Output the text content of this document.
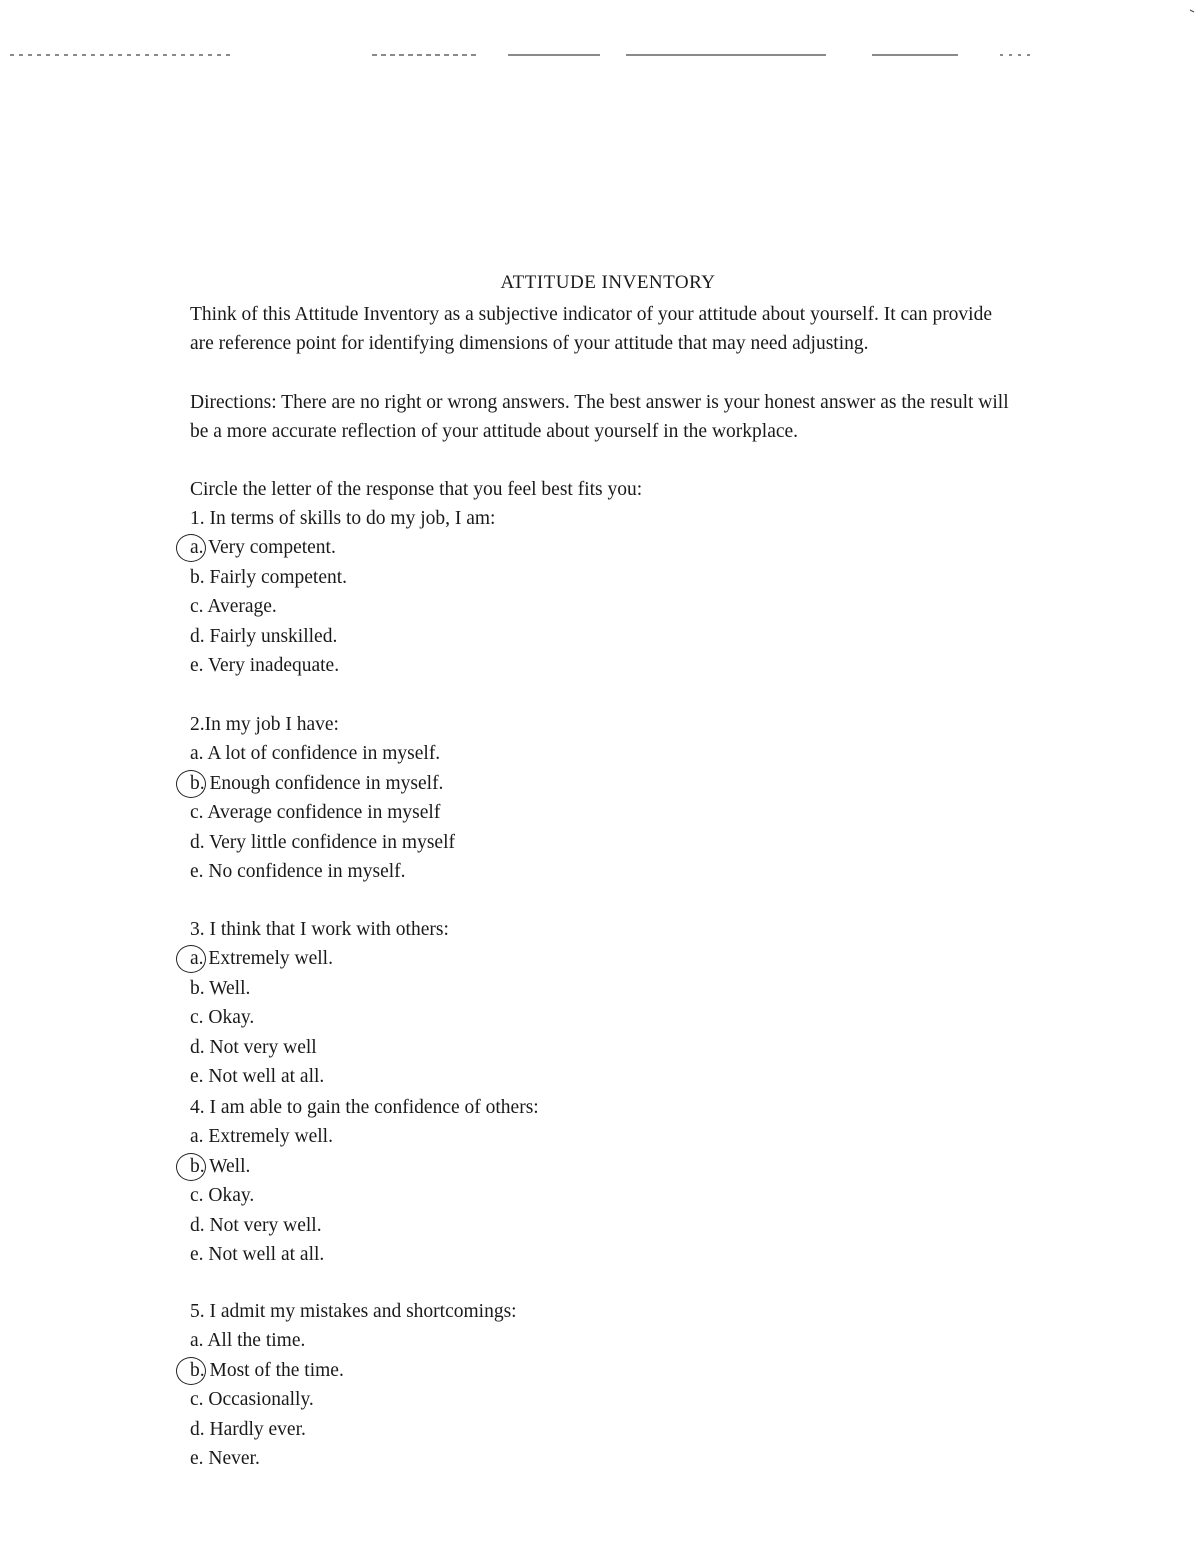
ATTITUDE INVENTORY

Think of this Attitude Inventory as a subjective indicator of your attitude about yourself. It can provide are reference point for identifying dimensions of your attitude that may need adjusting.

Directions: There are no right or wrong answers. The best answer is your honest answer as the result will be a more accurate reflection of your attitude about yourself in the workplace.

Circle the letter of the response that you feel best fits you:

1. In terms of skills to do my job, I am:
a. Very competent.
b. Fairly competent.
c. Average.
d. Fairly unskilled.
e. Very inadequate.
2.In my job I have:
a. A lot of confidence in myself.
b. Enough confidence in myself.
c. Average confidence in myself
d. Very little confidence in myself
e. No confidence in myself.
3. I think that I work with others:
a. Extremely well.
b. Well.
c. Okay.
d. Not very well
e. Not well at all.
4. I am able to gain the confidence of others:
a. Extremely well.
b. Well.
c. Okay.
d. Not very well.
e. Not well at all.
5. I admit my mistakes and shortcomings:
a. All the time.
b. Most of the time.
c. Occasionally.
d. Hardly ever.
e. Never.
